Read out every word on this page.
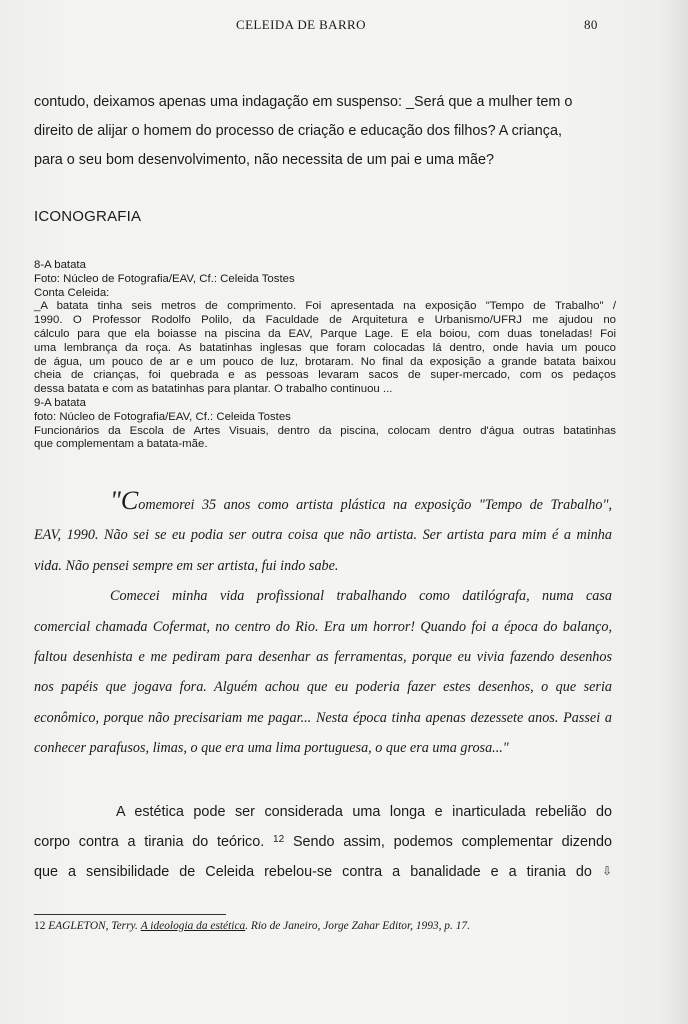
CELEIDA DE BARRO	80

contudo, deixamos apenas uma indagação em suspenso: _Será que a mulher tem o
direito de alijar o homem do processo de criação e educação dos filhos? A criança,
para o seu bom desenvolvimento, não necessita de um pai e uma mãe?

ICONOGRAFIA
8-A batata
Foto: Núcleo de Fotografia/EAV, Cf.: Celeida Tostes
Conta Celeida:
_A batata tinha seis metros de comprimento. Foi apresentada na exposição "Tempo de Trabalho" /
1990. O Professor Rodolfo Polilo, da Faculdade de Arquitetura e Urbanismo/UFRJ me ajudou no
cálculo para que ela boiasse na piscina da EAV, Parque Lage. E ela boiou, com duas toneladas! Foi
uma lembrança da roça. As batatinhas inglesas que foram colocadas lá dentro, onde havia um pouco
de água, um pouco de ar e um pouco de luz, brotaram. No final da exposição a grande batata baixou
cheia de crianças, foi quebrada e as pessoas levaram sacos de super-mercado, com os pedaços
dessa batata e com as batatinhas para plantar. O trabalho continuou ...
9-A batata
foto: Núcleo de Fotografia/EAV, Cf.: Celeida Tostes
Funcionários da Escola de Artes Visuais, dentro da piscina, colocam dentro d'água outras batatinhas
que complementam a batata-mãe.
"Comemorei 35 anos como artista plástica na exposição "Tempo de Trabalho",
EAV, 1990. Não sei se eu podia ser outra coisa que não artista. Ser artista para mim é a minha
vida. Não pensei sempre em ser artista, fui indo sabe.
Comecei minha vida profissional trabalhando como datilógrafa, numa casa
comercial chamada Cofermat, no centro do Rio. Era um horror! Quando foi a época do balanço,
faltou desenhista e me pediram para desenhar as ferramentas, porque eu vivia fazendo desenhos
nos papéis que jogava fora. Alguém achou que eu poderia fazer estes desenhos, o que seria
econômico, porque não precisariam me pagar... Nesta época tinha apenas dezessete anos. Passei a
conhecer parafusos, limas, o que era uma lima portuguesa, o que era uma grosa..."
A estética pode ser considerada uma longa e inarticulada rebelião do
corpo contra a tirania do teórico. $^{12}$ Sendo assim, podemos complementar dizendo
que a sensibilidade de Celeida rebelou-se contra a banalidade e a tirania do ⇩
12 EAGLETON, Terry. A ideologia da estética. Rio de Janeiro, Jorge Zahar Editor, 1993, p. 17.
